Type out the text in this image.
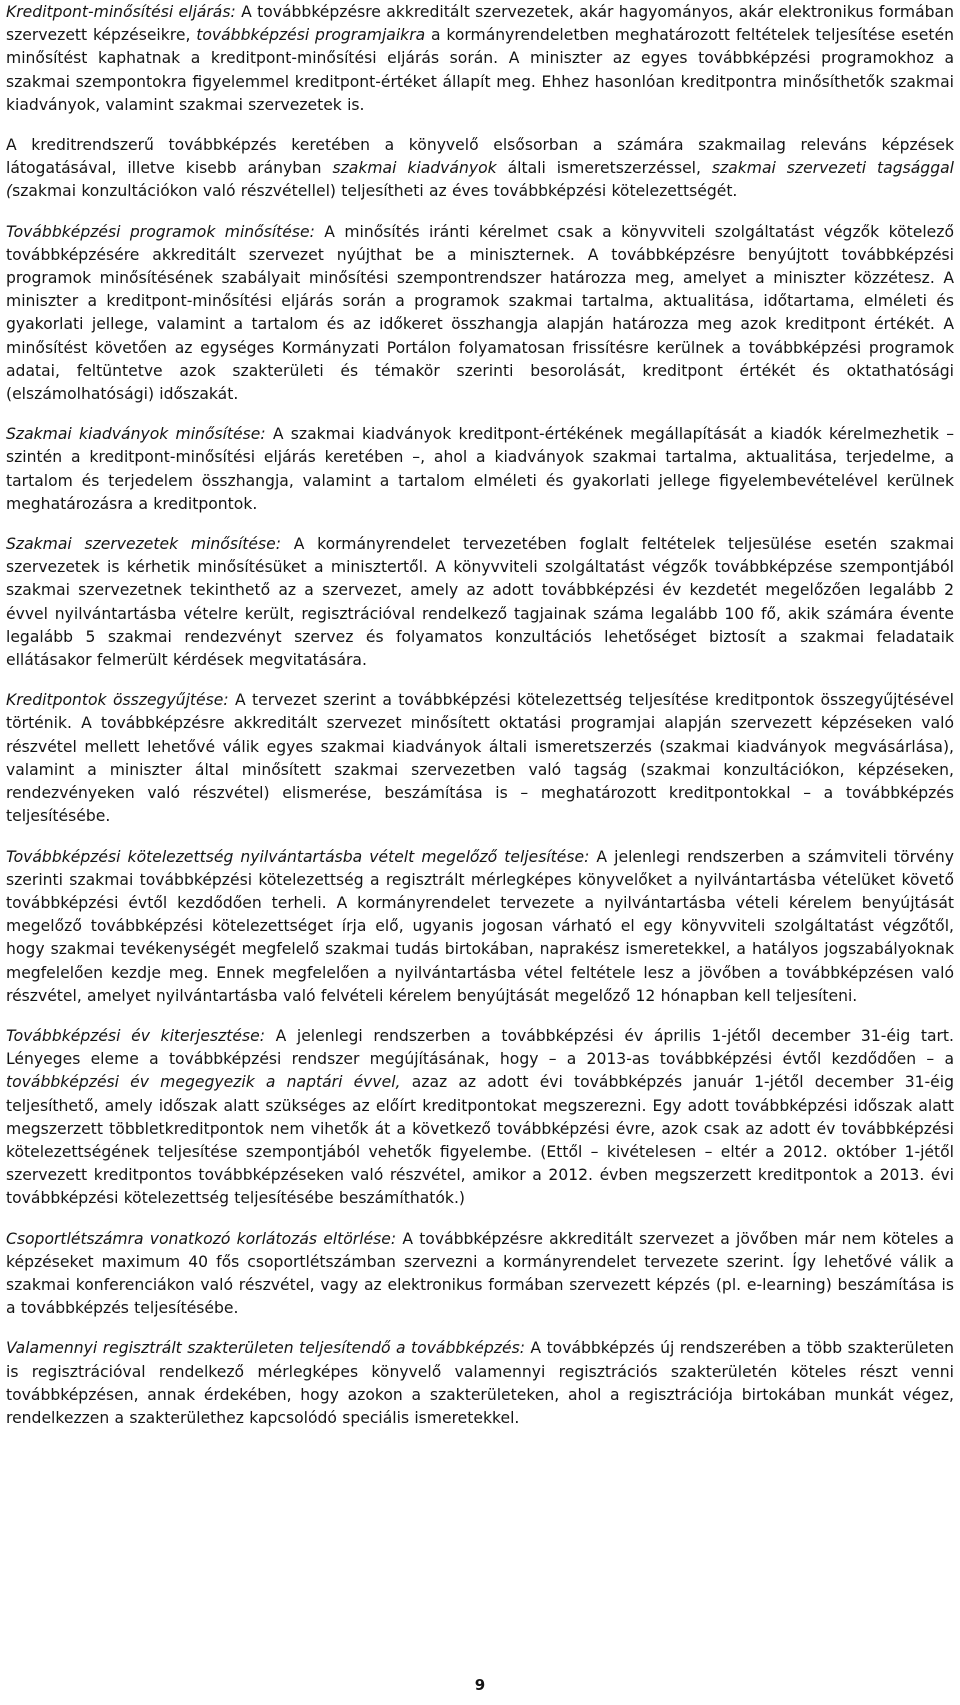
Kreditpont-minősítési eljárás: A továbbképzésre akkreditált szervezetek, akár hagyományos, akár elektronikus formában szervezett képzéseikre, továbbképzési programjaikra a kormányrendeletben meghatározott feltételek teljesítése esetén minősítést kaphatnak a kreditpont-minősítési eljárás során. A miniszter az egyes továbbképzési programokhoz a szakmai szempontokra figyelemmel kreditpont-értéket állapít meg. Ehhez hasonlóan kreditpontra minősíthetők szakmai kiadványok, valamint szakmai szervezetek is.

A kreditrendszerű továbbképzés keretében a könyvelő elsősorban a számára szakmailag releváns képzések látogatásával, illetve kisebb arányban szakmai kiadványok általi ismeretszerzéssel, szakmai szervezeti tagsággal (szakmai konzultációkon való részvétellel) teljesítheti az éves továbbképzési kötelezettségét.

Továbbképzési programok minősítése: A minősítés iránti kérelmet csak a könyvviteli szolgáltatást végzők kötelező továbbképzésére akkreditált szervezet nyújthat be a miniszternek. A továbbképzésre benyújtott továbbképzési programok minősítésének szabályait minősítési szempontrendszer határozza meg, amelyet a miniszter közzétesz. A miniszter a kreditpont-minősítési eljárás során a programok szakmai tartalma, aktualitása, időtartama, elméleti és gyakorlati jellege, valamint a tartalom és az időkeret összhangja alapján határozza meg azok kreditpont értékét. A minősítést követően az egységes Kormányzati Portálon folyamatosan frissítésre kerülnek a továbbképzési programok adatai, feltüntetve azok szakterületi és témakör szerinti besorolását, kreditpont értékét és oktathatósági (elszámolhatósági) időszakát.

Szakmai kiadványok minősítése: A szakmai kiadványok kreditpont-értékének megállapítását a kiadók kérelmezhetik – szintén a kreditpont-minősítési eljárás keretében –, ahol a kiadványok szakmai tartalma, aktualitása, terjedelme, a tartalom és terjedelem összhangja, valamint a tartalom elméleti és gyakorlati jellege figyelembevételével kerülnek meghatározásra a kreditpontok.

Szakmai szervezetek minősítése: A kormányrendelet tervezetében foglalt feltételek teljesülése esetén szakmai szervezetek is kérhetik minősítésüket a minisztertől. A könyvviteli szolgáltatást végzők továbbképzése szempontjából szakmai szervezetnek tekinthető az a szervezet, amely az adott továbbképzési év kezdetét megelőzően legalább 2 évvel nyilvántartásba vételre került, regisztrációval rendelkező tagjainak száma legalább 100 fő, akik számára évente legalább 5 szakmai rendezvényt szervez és folyamatos konzultációs lehetőséget biztosít a szakmai feladataik ellátásakor felmerült kérdések megvitatására.

Kreditpontok összegyűjtése: A tervezet szerint a továbbképzési kötelezettség teljesítése kreditpontok összegyűjtésével történik. A továbbképzésre akkreditált szervezet minősített oktatási programjai alapján szervezett képzéseken való részvétel mellett lehetővé válik egyes szakmai kiadványok általi ismeretszerzés (szakmai kiadványok megvásárlása), valamint a miniszter által minősített szakmai szervezetben való tagság (szakmai konzultációkon, képzéseken, rendezvényeken való részvétel) elismerése, beszámítása is – meghatározott kreditpontokkal – a továbbképzés teljesítésébe.

Továbbképzési kötelezettség nyilvántartásba vételt megelőző teljesítése: A jelenlegi rendszerben a számviteli törvény szerinti szakmai továbbképzési kötelezettség a regisztrált mérlegképes könyvelőket a nyilvántartásba vételüket követő továbbképzési évtől kezdődően terheli. A kormányrendelet tervezete a nyilvántartásba vételi kérelem benyújtását megelőző továbbképzési kötelezettséget írja elő, ugyanis jogosan várható el egy könyvviteli szolgáltatást végzőtől, hogy szakmai tevékenységét megfelelő szakmai tudás birtokában, naprakész ismeretekkel, a hatályos jogszabályoknak megfelelően kezdje meg. Ennek megfelelően a nyilvántartásba vétel feltétele lesz a jövőben a továbbképzésen való részvétel, amelyet nyilvántartásba való felvételi kérelem benyújtását megelőző 12 hónapban kell teljesíteni.

Továbbképzési év kiterjesztése: A jelenlegi rendszerben a továbbképzési év április 1-jétől december 31-éig tart. Lényeges eleme a továbbképzési rendszer megújításának, hogy – a 2013-as továbbképzési évtől kezdődően – a továbbképzési év megegyezik a naptári évvel, azaz az adott évi továbbképzés január 1-jétől december 31-éig teljesíthető, amely időszak alatt szükséges az előírt kreditpontokat megszerezni. Egy adott továbbképzési időszak alatt megszerzett többletkreditpontok nem vihetők át a következő továbbképzési évre, azok csak az adott év továbbképzési kötelezettségének teljesítése szempontjából vehetők figyelembe. (Ettől – kivételesen – eltér a 2012. október 1-jétől szervezett kreditpontos továbbképzéseken való részvétel, amikor a 2012. évben megszerzett kreditpontok a 2013. évi továbbképzési kötelezettség teljesítésébe beszámíthatók.)

Csoportlétszámra vonatkozó korlátozás eltörlése: A továbbképzésre akkreditált szervezet a jövőben már nem köteles a képzéseket maximum 40 fős csoportlétszámban szervezni a kormányrendelet tervezete szerint. Így lehetővé válik a szakmai konferenciákon való részvétel, vagy az elektronikus formában szervezett képzés (pl. e-learning) beszámítása is a továbbképzés teljesítésébe.

Valamennyi regisztrált szakterületen teljesítendő a továbbképzés: A továbbképzés új rendszerében a több szakterületen is regisztrációval rendelkező mérlegképes könyvelő valamennyi regisztrációs szakterületén köteles részt venni továbbképzésen, annak érdekében, hogy azokon a szakterületeken, ahol a regisztrációja birtokában munkát végez, rendelkezzen a szakterülethez kapcsolódó speciális ismeretekkel.

9
